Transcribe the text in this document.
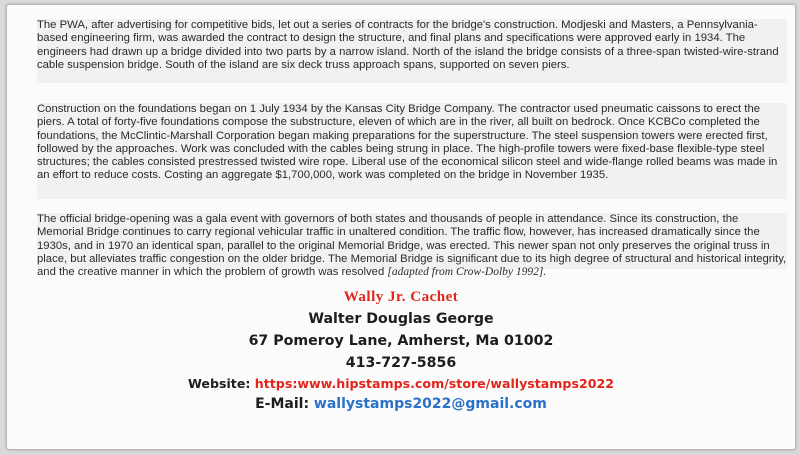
The PWA, after advertising for competitive bids, let out a series of contracts for the bridge's construction. Modjeski and Masters, a Pennsylvania-based engineering firm, was awarded the contract to design the structure, and final plans and specifications were approved early in 1934. The engineers had drawn up a bridge divided into two parts by a narrow island. North of the island the bridge consists of a three-span twisted-wire-strand cable suspension bridge. South of the island are six deck truss approach spans, supported on seven piers.

Construction on the foundations began on 1 July 1934 by the Kansas City Bridge Company. The contractor used pneumatic caissons to erect the piers. A total of forty-five foundations compose the substructure, eleven of which are in the river, all built on bedrock. Once KCBCo completed the foundations, the McClintic-Marshall Corporation began making preparations for the superstructure. The steel suspension towers were erected first, followed by the approaches. Work was concluded with the cables being strung in place. The high-profile towers were fixed-base flexible-type steel structures; the cables consisted prestressed twisted wire rope. Liberal use of the economical silicon steel and wide-flange rolled beams was made in an effort to reduce costs. Costing an aggregate $1,700,000, work was completed on the bridge in November 1935.

The official bridge-opening was a gala event with governors of both states and thousands of people in attendance. Since its construction, the Memorial Bridge continues to carry regional vehicular traffic in unaltered condition. The traffic flow, however, has increased dramatically since the 1930s, and in 1970 an identical span, parallel to the original Memorial Bridge, was erected. This newer span not only preserves the original truss in place, but alleviates traffic congestion on the older bridge. The Memorial Bridge is significant due to its high degree of structural and historical integrity, and the creative manner in which the problem of growth was resolved [adapted from Crow-Dolby 1992].

Wally Jr. Cachet
Walter Douglas George
67 Pomeroy Lane, Amherst, Ma 01002
413-727-5856
Website: https:www.hipstamps.com/store/wallystamps2022
E-Mail: wallystamps2022@gmail.com
